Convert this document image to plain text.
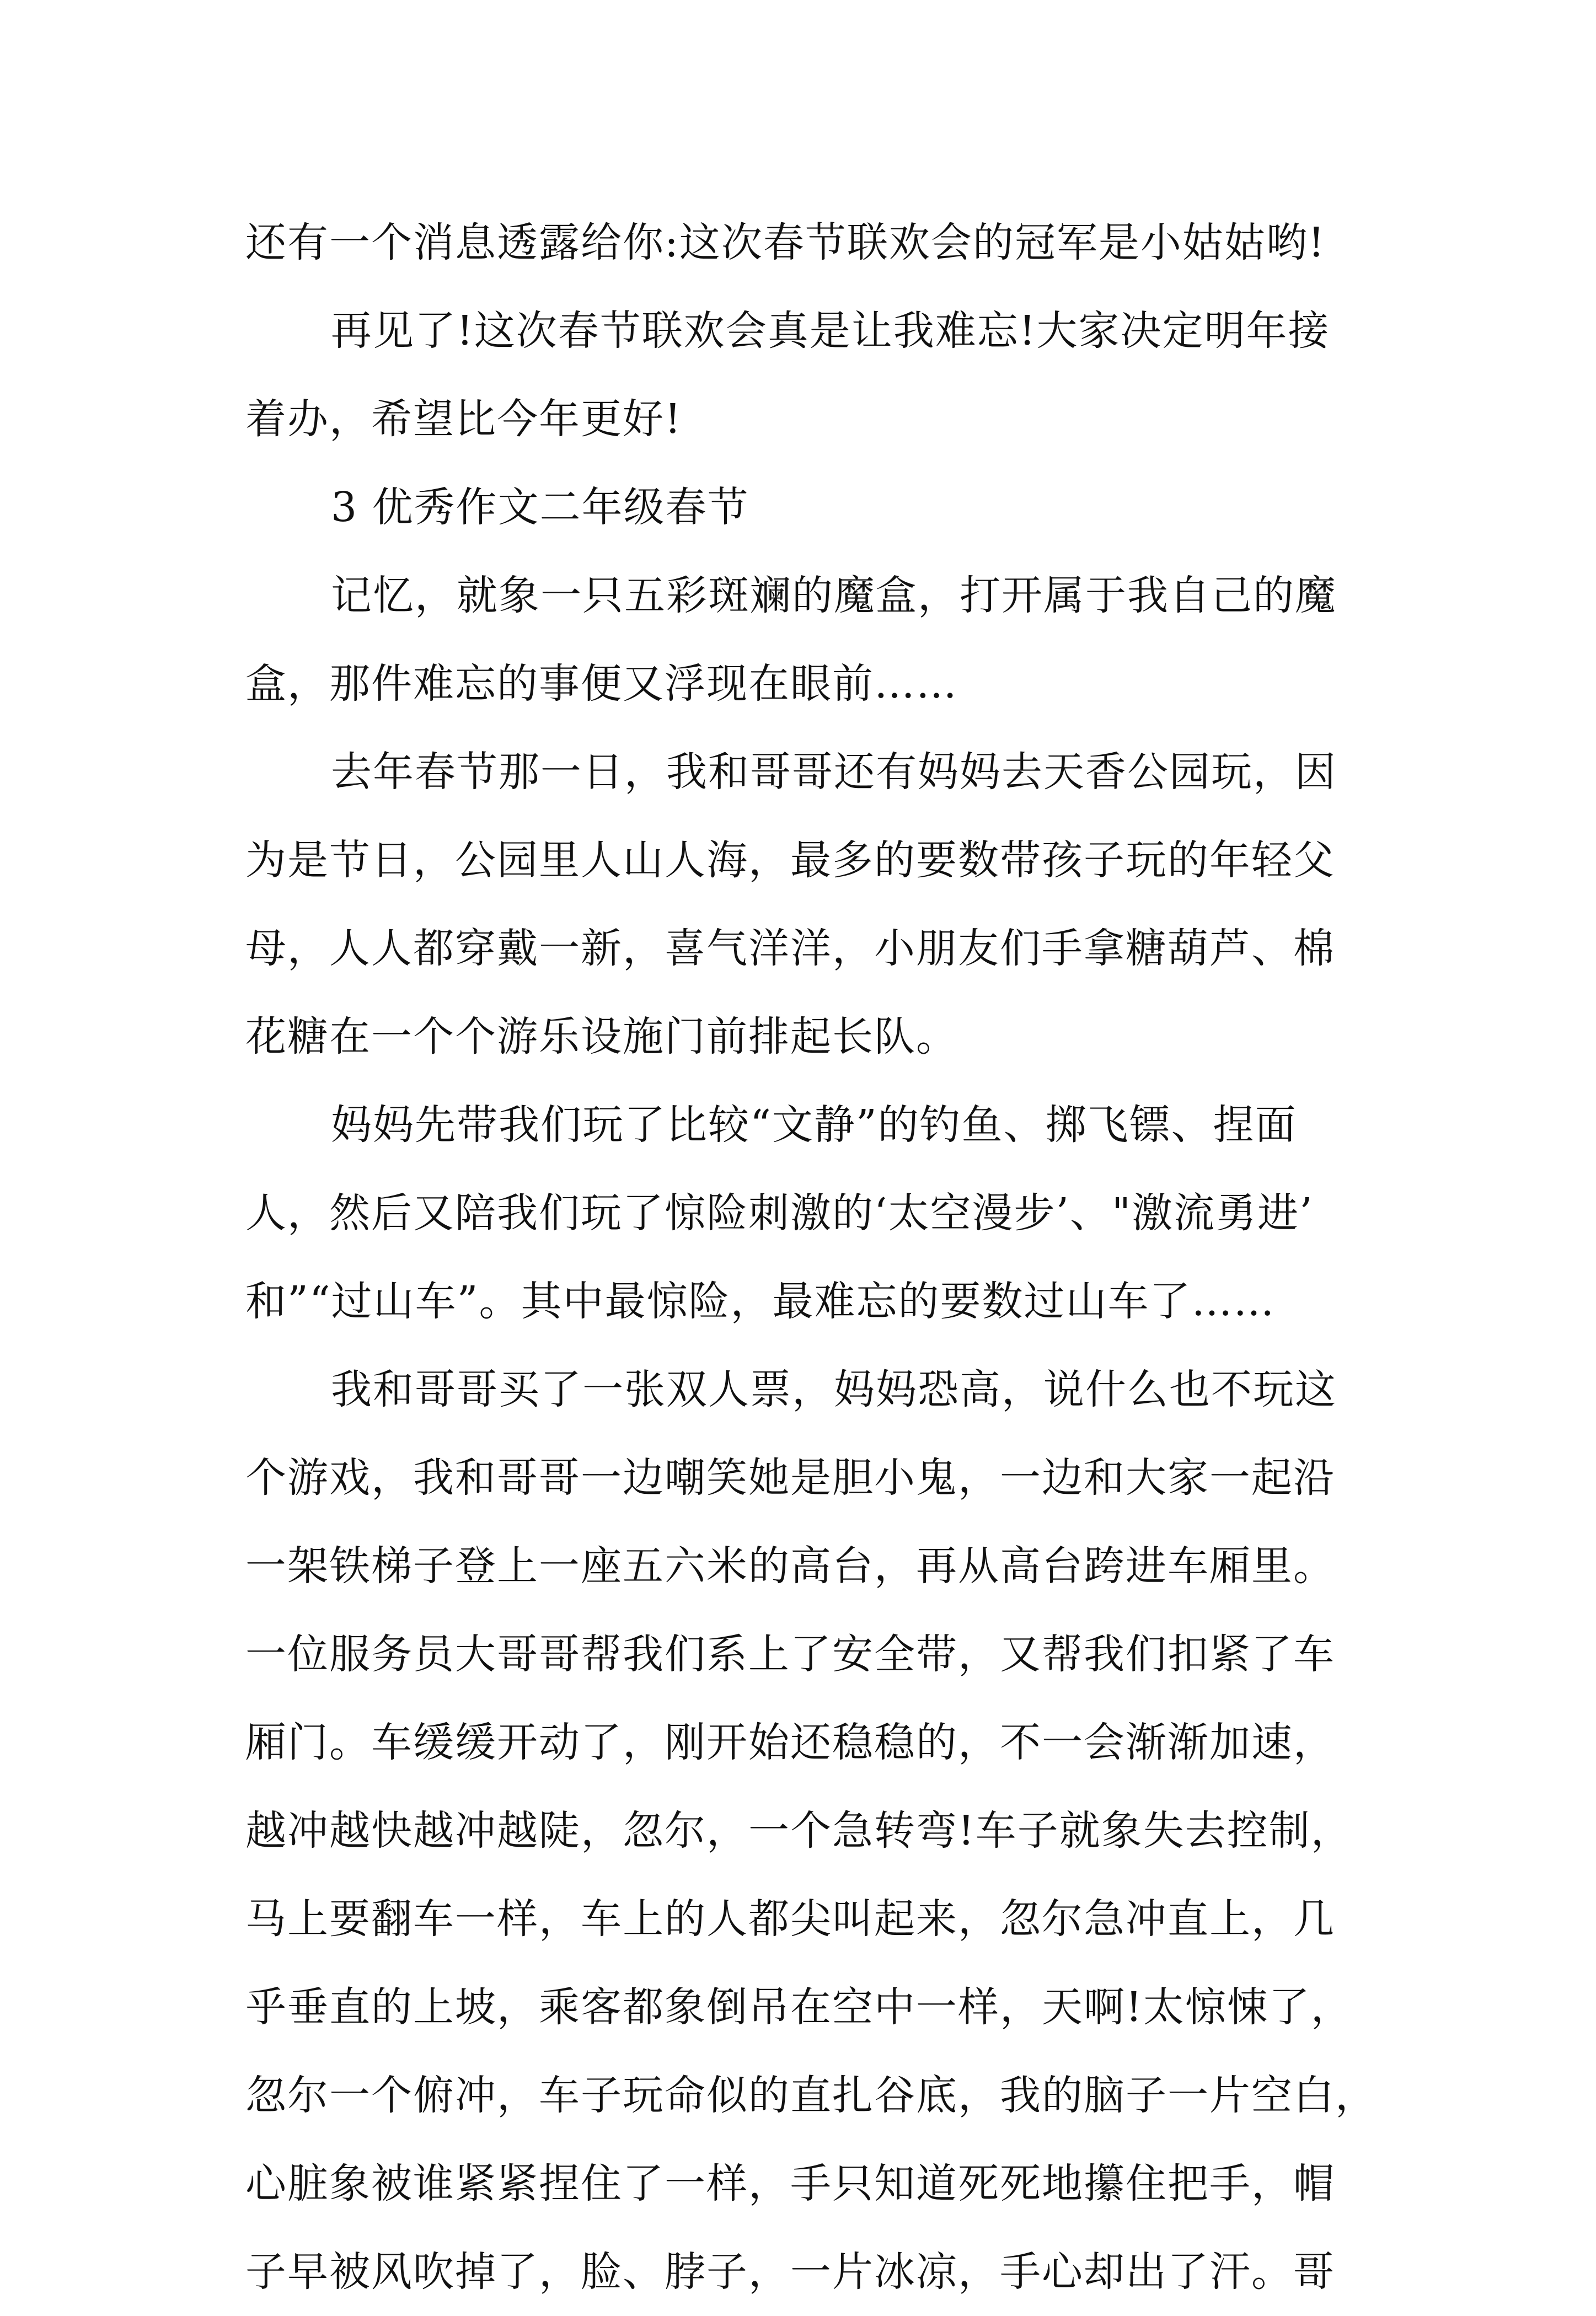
还有一个消息透露给你:这次春节联欢会的冠军是小姑姑哟!
再见了!这次春节联欢会真是让我难忘!大家决定明年接
着办，希望比今年更好!
3 优秀作文二年级春节
记忆，就象一只五彩斑斓的魔盒，打开属于我自己的魔
盒，那件难忘的事便又浮现在眼前……
去年春节那一日，我和哥哥还有妈妈去天香公园玩，因
为是节日，公园里人山人海，最多的要数带孩子玩的年轻父
母，人人都穿戴一新，喜气洋洋，小朋友们手拿糖葫芦、棉
花糖在一个个游乐设施门前排起长队。
妈妈先带我们玩了比较“文静”的钓鱼、掷飞镖、捏面
人，然后又陪我们玩了惊险刺激的‘太空漫步’、"激流勇进’
和”“过山车”。其中最惊险，最难忘的要数过山车了……
我和哥哥买了一张双人票，妈妈恐高，说什么也不玩这
个游戏，我和哥哥一边嘲笑她是胆小鬼，一边和大家一起沿
一架铁梯子登上一座五六米的高台，再从高台跨进车厢里。
一位服务员大哥哥帮我们系上了安全带，又帮我们扣紧了车
厢门。车缓缓开动了，刚开始还稳稳的，不一会渐渐加速，
越冲越快越冲越陡，忽尔，一个急转弯!车子就象失去控制，
马上要翻车一样，车上的人都尖叫起来，忽尔急冲直上，几
乎垂直的上坡，乘客都象倒吊在空中一样，天啊!太惊悚了，
忽尔一个俯冲，车子玩命似的直扎谷底，我的脑子一片空白，
心脏象被谁紧紧捏住了一样，手只知道死死地攥住把手，帽
子早被风吹掉了，脸、脖子，一片冰凉，手心却出了汗。哥
